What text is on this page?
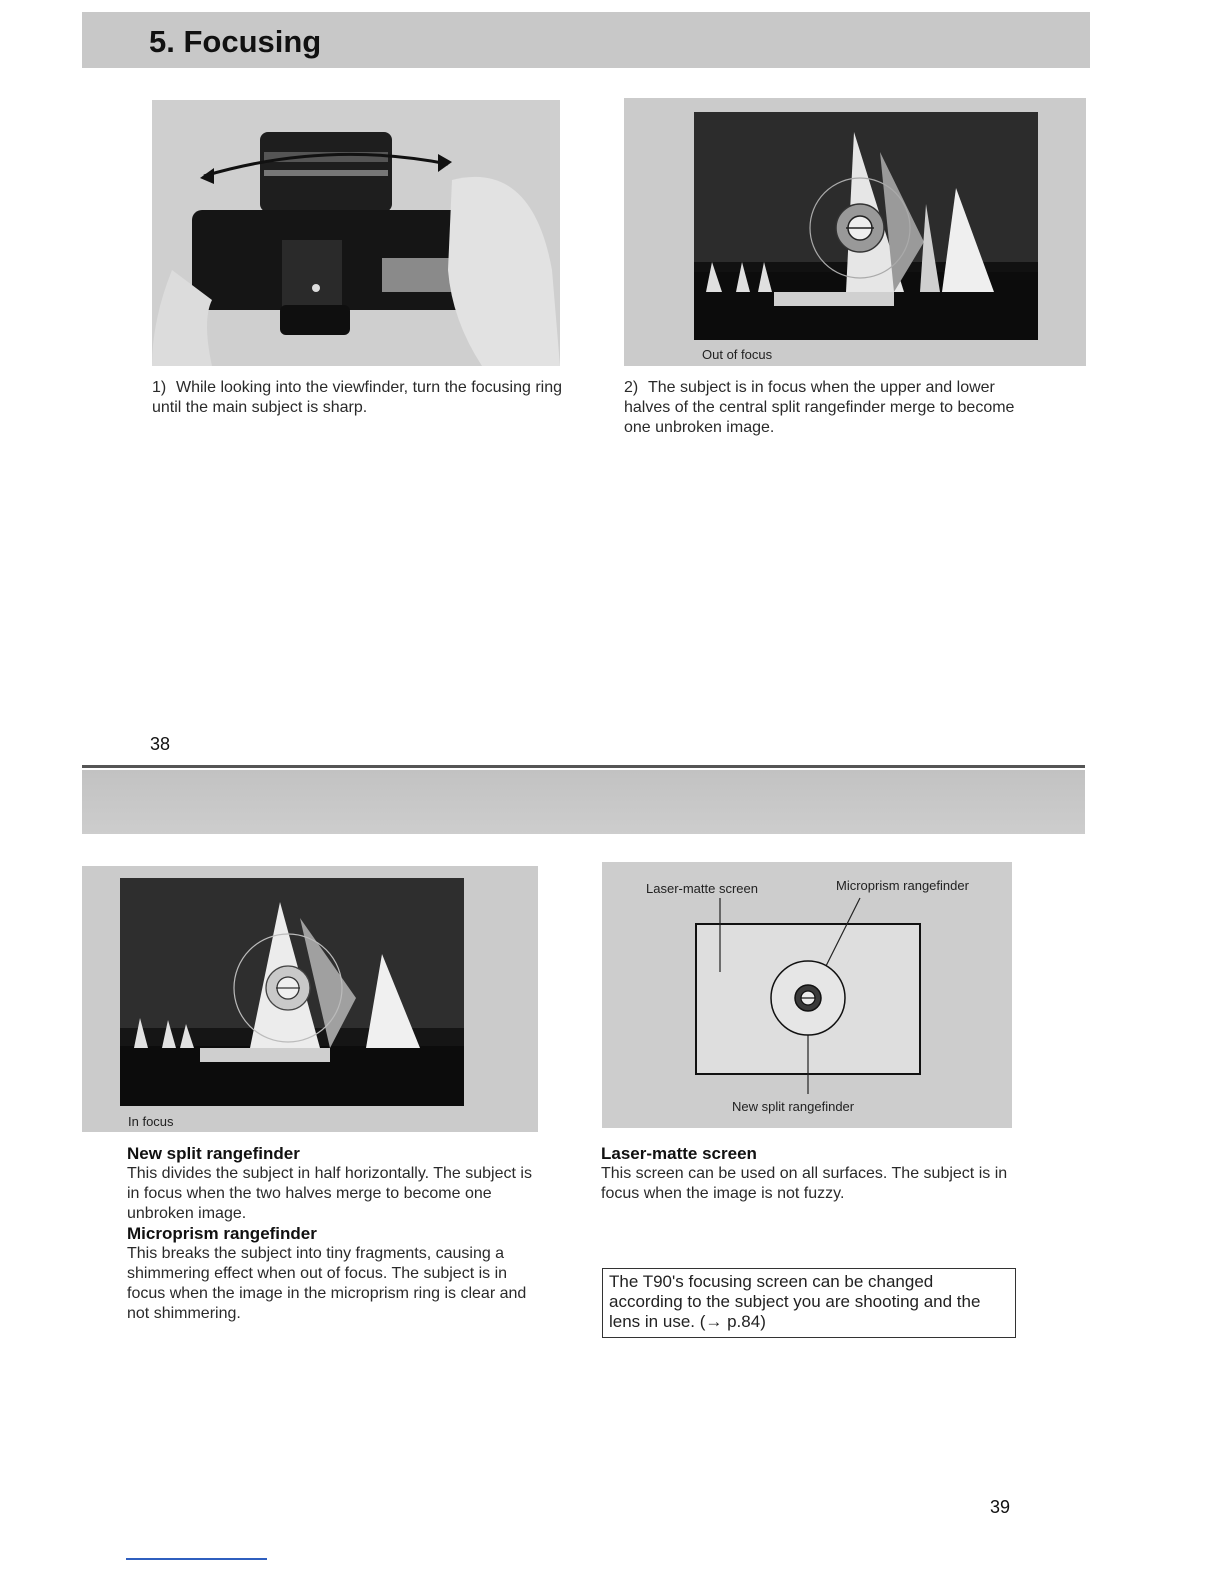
5. Focusing
Out of focus
1) While looking into the viewfinder, turn the focusing ring until the main subject is sharp.
2) The subject is in focus when the upper and lower halves of the central split rangefinder merge to become one unbroken image.
38
In focus
Laser-matte screen	Microprism rangefinder
New split rangefinder
New split rangefinder
This divides the subject in half horizontally. The subject is in focus when the two halves merge to become one unbroken image.
Microprism rangefinder
This breaks the subject into tiny fragments, causing a shimmering effect when out of focus. The subject is in focus when the image in the microprism ring is clear and not shimmering.
Laser-matte screen
This screen can be used on all surfaces. The subject is in focus when the image is not fuzzy.
The T90's focusing screen can be changed according to the subject you are shooting and the lens in use. (→ p.84)
39
